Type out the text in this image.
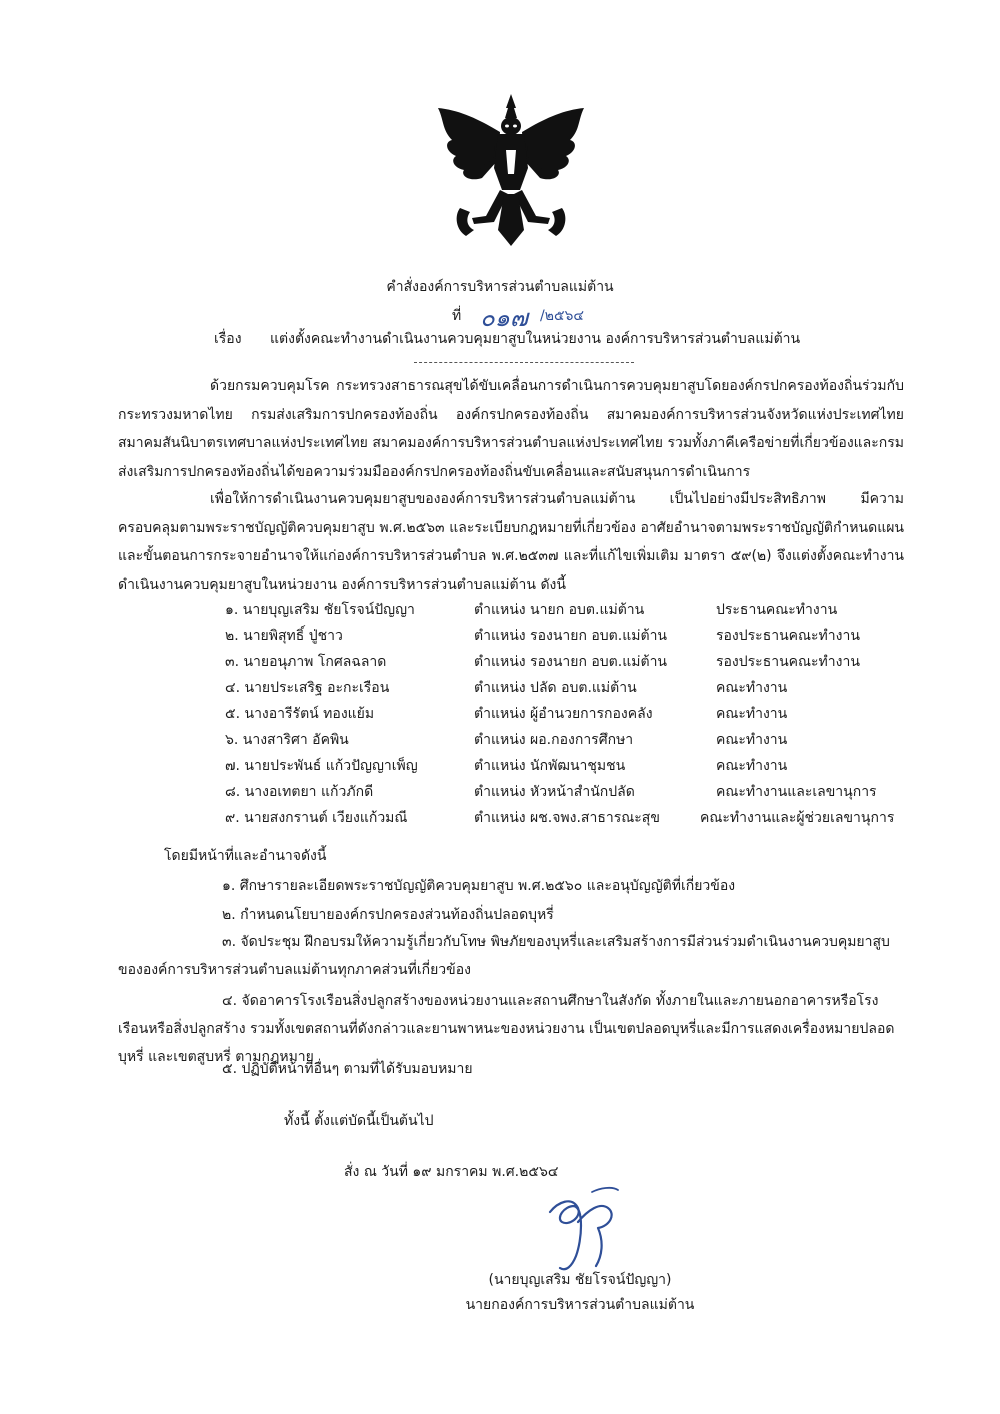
คำสั่งองค์การบริหารส่วนตำบลแม่ต้าน
ที่ ๐๑๗ /๒๕๖๔
เรื่อง แต่งตั้งคณะทำงานดำเนินงานควบคุมยาสูบในหน่วยงาน องค์การบริหารส่วนตำบลแม่ต้าน
ด้วยกรมควบคุมโรค กระทรวงสาธารณสุขได้ขับเคลื่อนการดำเนินการควบคุมยาสูบโดยองค์กรปกครองท้องถิ่นร่วมกับกระทรวงมหาดไทย กรมส่งเสริมการปกครองท้องถิ่น องค์กรปกครองท้องถิ่น สมาคมองค์การบริหารส่วนจังหวัดแห่งประเทศไทย สมาคมสันนิบาตรเทศบาลแห่งประเทศไทย สมาคมองค์การบริหารส่วนตำบลแห่งประเทศไทย รวมทั้งภาคีเครือข่ายที่เกี่ยวข้องและกรมส่งเสริมการปกครองท้องถิ่นได้ขอความร่วมมือองค์กรปกครองท้องถิ่นขับเคลื่อนและสนับสนุนการดำเนินการ
เพื่อให้การดำเนินงานควบคุมยาสูบขององค์การบริหารส่วนตำบลแม่ต้าน เป็นไปอย่างมีประสิทธิภาพ มีความครอบคลุมตามพระราชบัญญัติควบคุมยาสูบ พ.ศ.๒๕๖๓ และระเบียบกฎหมายที่เกี่ยวข้อง อาศัยอำนาจตามพระราชบัญญัติกำหนดแผนและขั้นตอนการกระจายอำนาจให้แก่องค์การบริหารส่วนตำบล พ.ศ.๒๕๓๗ และที่แก้ไขเพิ่มเติม มาตรา ๕๙(๒) จึงแต่งตั้งคณะทำงานดำเนินงานควบคุมยาสูบในหน่วยงาน องค์การบริหารส่วนตำบลแม่ต้าน ดังนี้
๑. นายบุญเสริม ชัยโรจน์ปัญญา	ตำแหน่ง นายก อบต.แม่ต้าน	ประธานคณะทำงาน
๒. นายพิสุทธิ์ ปู่ชาว	ตำแหน่ง รองนายก อบต.แม่ต้าน	รองประธานคณะทำงาน
๓. นายอนุภาพ โกศลฉลาด	ตำแหน่ง รองนายก อบต.แม่ต้าน	รองประธานคณะทำงาน
๔. นายประเสริฐ อะกะเรือน	ตำแหน่ง ปลัด อบต.แม่ต้าน	คณะทำงาน
๕. นางอารีรัตน์ ทองแย้ม	ตำแหน่ง ผู้อำนวยการกองคลัง	คณะทำงาน
๖. นางสาริศา อัคพิน	ตำแหน่ง ผอ.กองการศึกษา	คณะทำงาน
๗. นายประพันธ์ แก้วปัญญาเพ็ญ	ตำแหน่ง นักพัฒนาชุมชน	คณะทำงาน
๘. นางอเทตยา แก้วภักดี	ตำแหน่ง หัวหน้าสำนักปลัด	คณะทำงานและเลขานุการ
๙. นายสงกรานต์ เวียงแก้วมณี	ตำแหน่ง ผช.จพง.สาธารณะสุข	คณะทำงานและผู้ช่วยเลขานุการ
โดยมีหน้าที่และอำนาจดังนี้
๑. ศึกษารายละเอียดพระราชบัญญัติควบคุมยาสูบ พ.ศ.๒๕๖๐ และอนุบัญญัติที่เกี่ยวข้อง
๒. กำหนดนโยบายองค์กรปกครองส่วนท้องถิ่นปลอดบุหรี่
๓. จัดประชุม ฝึกอบรมให้ความรู้เกี่ยวกับโทษ พิษภัยของบุหรี่และเสริมสร้างการมีส่วนร่วมดำเนินงานควบคุมยาสูบขององค์การบริหารส่วนตำบลแม่ต้านทุกภาคส่วนที่เกี่ยวข้อง
๔. จัดอาคารโรงเรือนสิ่งปลูกสร้างของหน่วยงานและสถานศึกษาในสังกัด ทั้งภายในและภายนอกอาคารหรือโรงเรือนหรือสิ่งปลูกสร้าง รวมทั้งเขตสถานที่ดังกล่าวและยานพาหนะของหน่วยงาน เป็นเขตปลอดบุหรี่และมีการแสดงเครื่องหมายปลอดบุหรี่ และเขตสูบหรี่ ตามกฎหมาย
๕. ปฏิบัติหน้าที่อื่นๆ ตามที่ได้รับมอบหมาย
ทั้งนี้ ตั้งแต่บัดนี้เป็นต้นไป
สั่ง ณ วันที่ ๑๙ มกราคม พ.ศ.๒๕๖๔
(นายบุญเสริม ชัยโรจน์ปัญญา)
นายกองค์การบริหารส่วนตำบลแม่ต้าน
